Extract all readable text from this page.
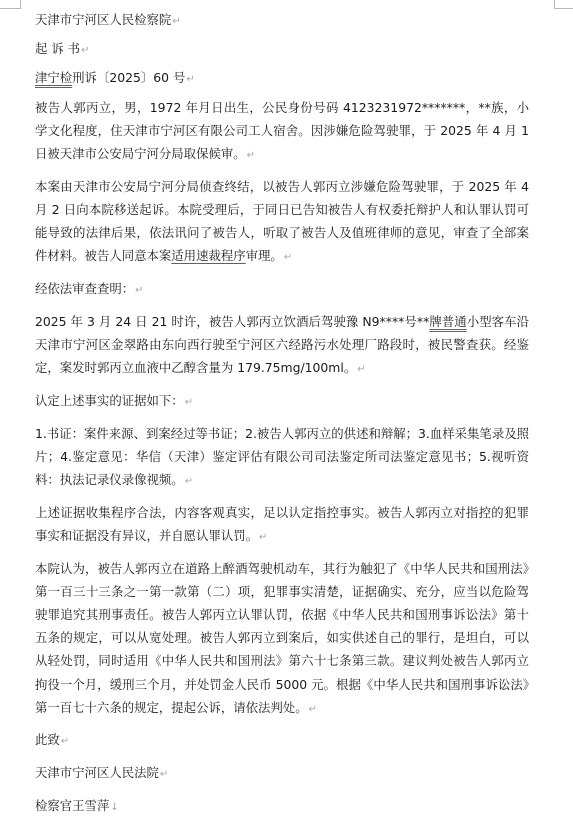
天津市宁河区人民检察院↵

起 诉 书↵

津宁检刑诉〔2025〕60 号↵

被告人郭丙立，男，1972 年月日出生，公民身份号码 4123231972*******，**族，小学文化程度，住天津市宁河区有限公司工人宿舍。因涉嫌危险驾驶罪，于 2025 年 4 月 1 日被天津市公安局宁河分局取保候审。↵

本案由天津市公安局宁河分局侦查终结，以被告人郭丙立涉嫌危险驾驶罪，于 2025 年 4 月 2 日向本院移送起诉。本院受理后，于同日已告知被告人有权委托辩护人和认罪认罚可能导致的法律后果，依法讯问了被告人，听取了被告人及值班律师的意见，审查了全部案件材料。被告人同意本案适用速裁程序审理。↵

经依法审查查明：↵

2025 年 3 月 24 日 21 时许，被告人郭丙立饮酒后驾驶豫 N9****号**牌普通小型客车沿天津市宁河区金翠路由东向西行驶至宁河区六经路污水处理厂路段时，被民警查获。经鉴定，案发时郭丙立血液中乙醇含量为 179.75mg/100ml。↵

认定上述事实的证据如下：↵

1.书证：案件来源、到案经过等书证；2.被告人郭丙立的供述和辩解；3.血样采集笔录及照片；4.鉴定意见：华信（天津）鉴定评估有限公司司法鉴定所司法鉴定意见书；5.视听资料：执法记录仪录像视频。↵

上述证据收集程序合法，内容客观真实，足以认定指控事实。被告人郭丙立对指控的犯罪事实和证据没有异议，并自愿认罪认罚。↵

本院认为，被告人郭丙立在道路上醉酒驾驶机动车，其行为触犯了《中华人民共和国刑法》第一百三十三条之一第一款第（二）项，犯罪事实清楚，证据确实、充分，应当以危险驾驶罪追究其刑事责任。被告人郭丙立认罪认罚，依据《中华人民共和国刑事诉讼法》第十五条的规定，可以从宽处理。被告人郭丙立到案后，如实供述自己的罪行，是坦白，可以从轻处罚，同时适用《中华人民共和国刑法》第六十七条第三款。建议判处被告人郭丙立拘役一个月，缓刑三个月，并处罚金人民币 5000 元。根据《中华人民共和国刑事诉讼法》第一百七十六条的规定，提起公诉，请依法判处。↵

此致↵

天津市宁河区人民法院↵

检察官王雪萍↓
